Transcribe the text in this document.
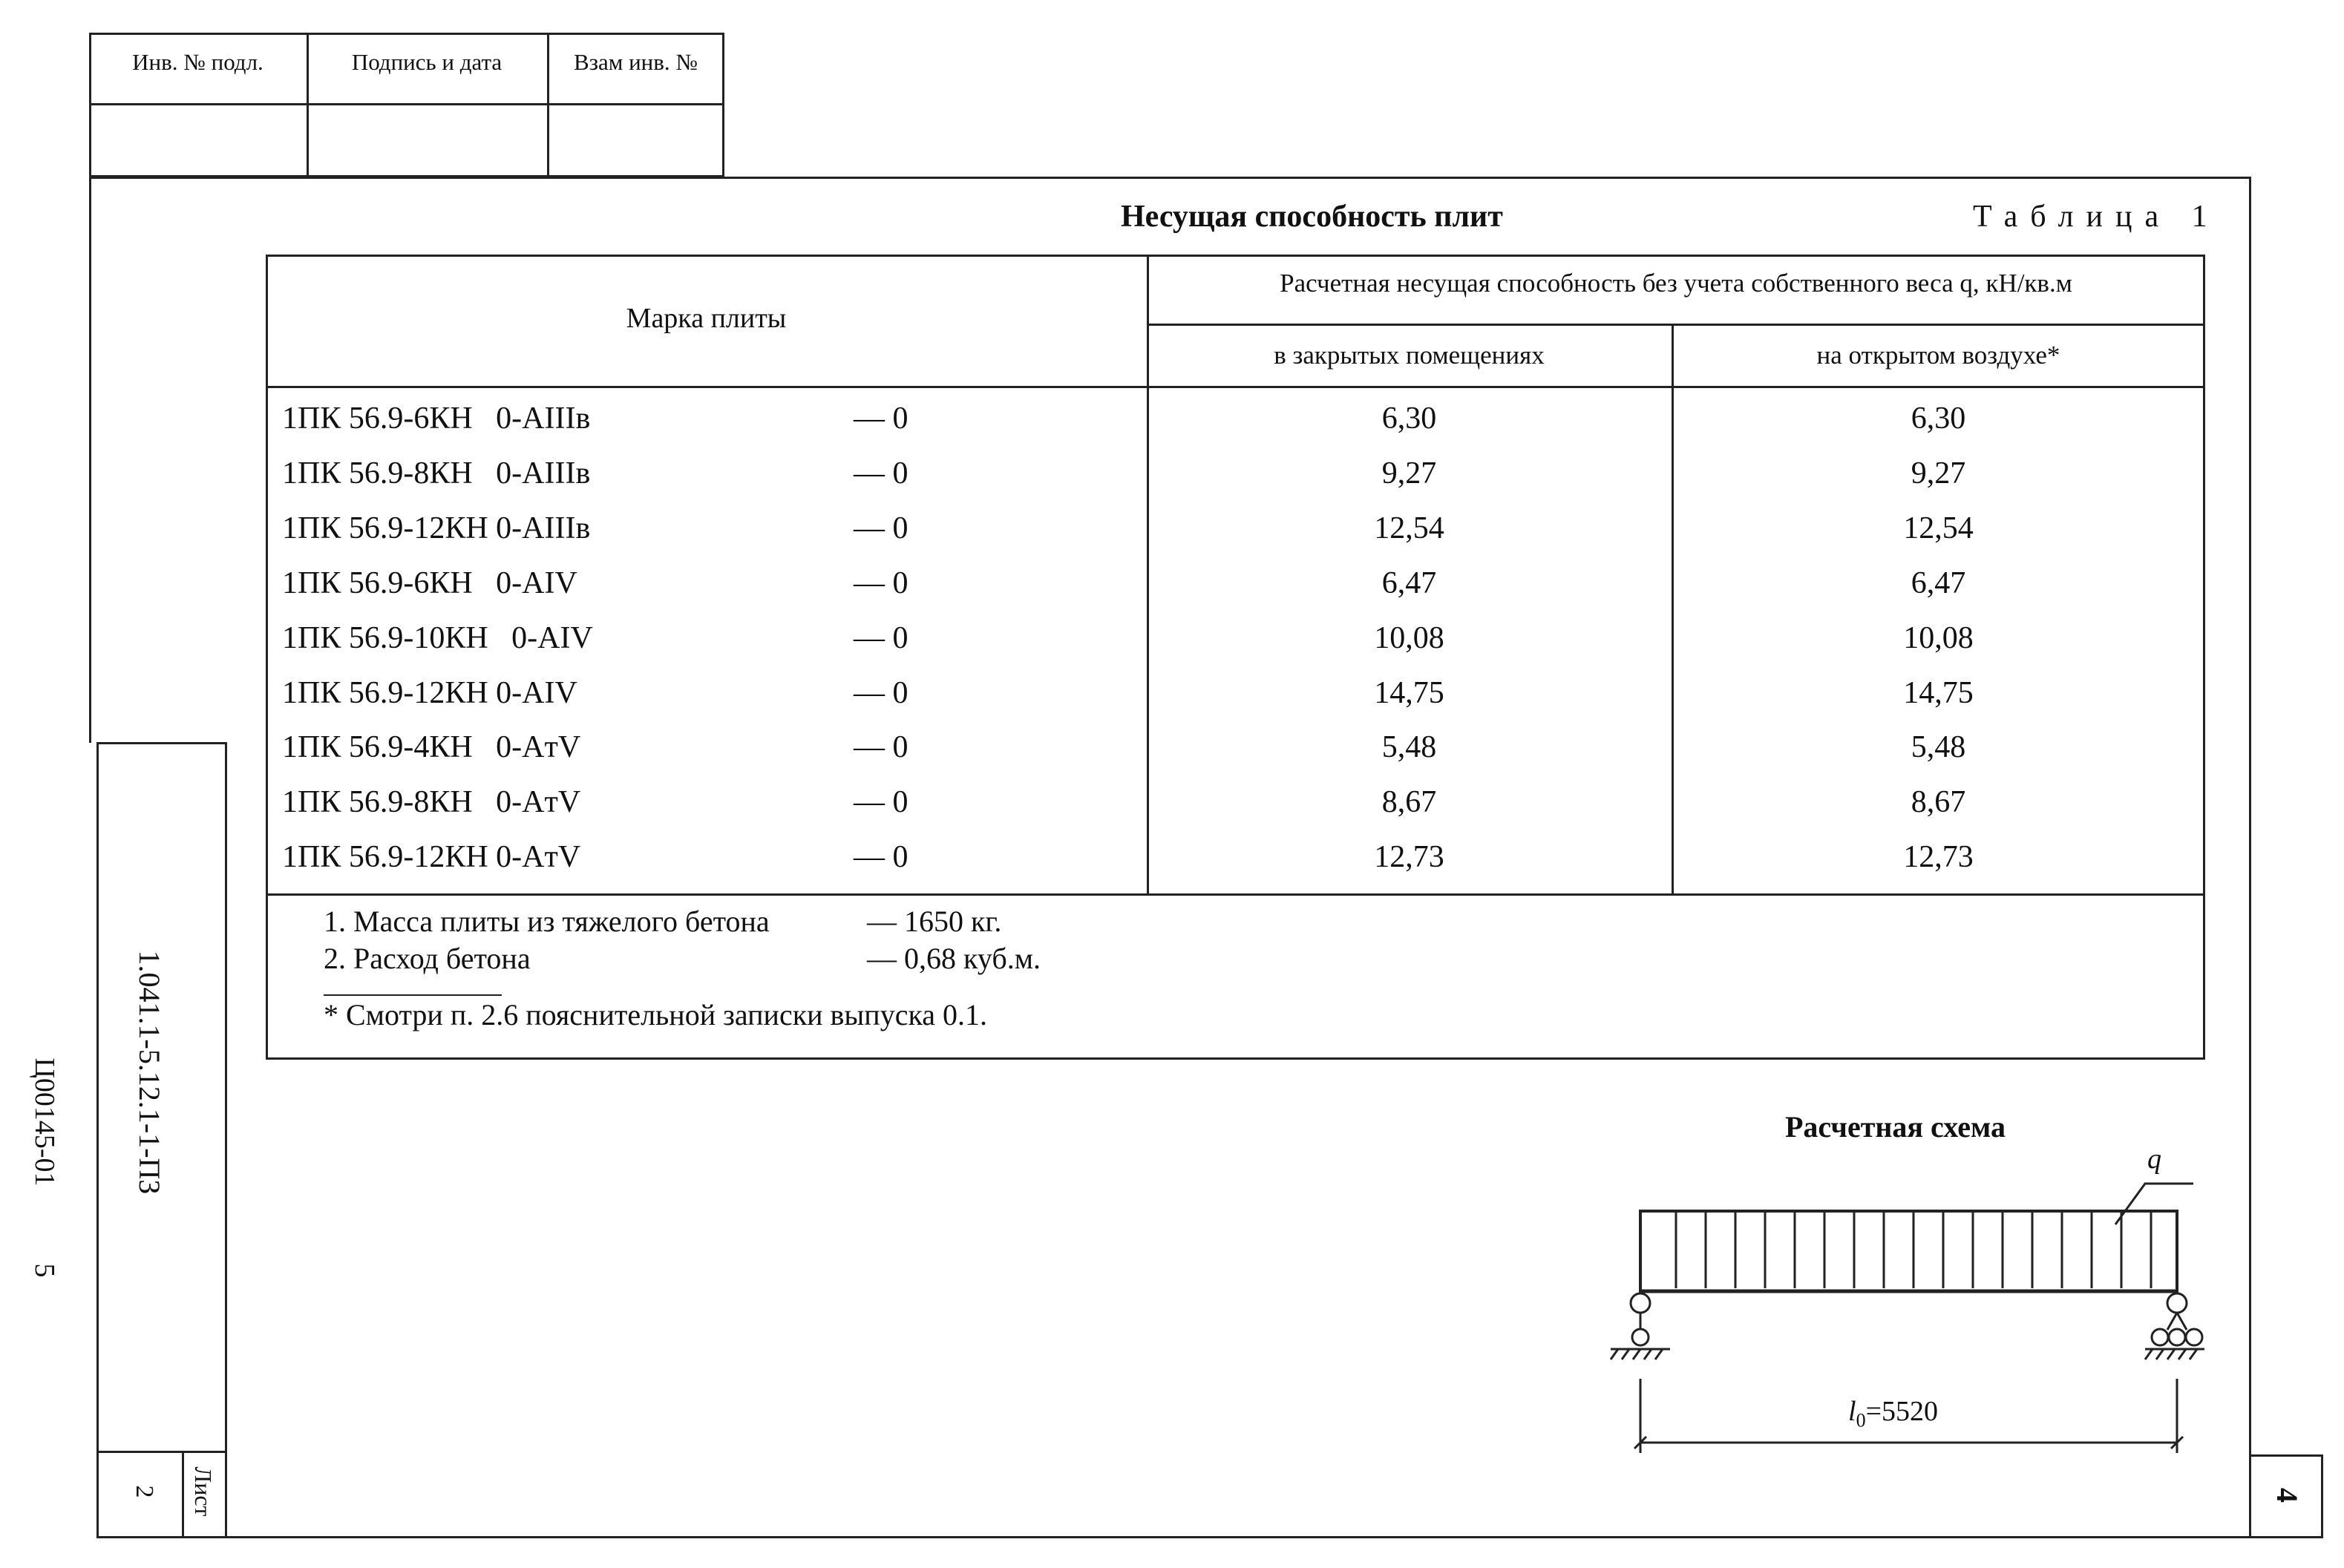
Инв. № подл.	Подпись и дата	Взам инв. №
1.041.1-5.12.1-1-ПЗ
Лист
2
Ц00145-01
5
4
Несущая способность плит	Таблица 1
Марка плиты
Расчетная несущая способность без учета собственного веса q, кН/кв.м
в закрытых помещениях	на открытом воздухе*
1ПК 56.9-6КН   0-AIIIв	— 0	6,30	6,30
1ПК 56.9-8КН   0-AIIIв	— 0	9,27	9,27
1ПК 56.9-12КН 0-AIIIв	— 0	12,54	12,54
1ПК 56.9-6КН   0-AIV	— 0	6,47	6,47
1ПК 56.9-10КН   0-AIV	— 0	10,08	10,08
1ПК 56.9-12КН 0-AIV	— 0	14,75	14,75
1ПК 56.9-4КН   0-AтV	— 0	5,48	5,48
1ПК 56.9-8КН   0-AтV	— 0	8,67	8,67
1ПК 56.9-12КН 0-AтV	— 0	12,73	12,73
1. Масса плиты из тяжелого бетона	— 1650 кг.
2. Расход бетона	— 0,68 куб.м.
* Смотри п. 2.6 пояснительной записки выпуска 0.1.
Расчетная схема
q
$l_0=5520$
